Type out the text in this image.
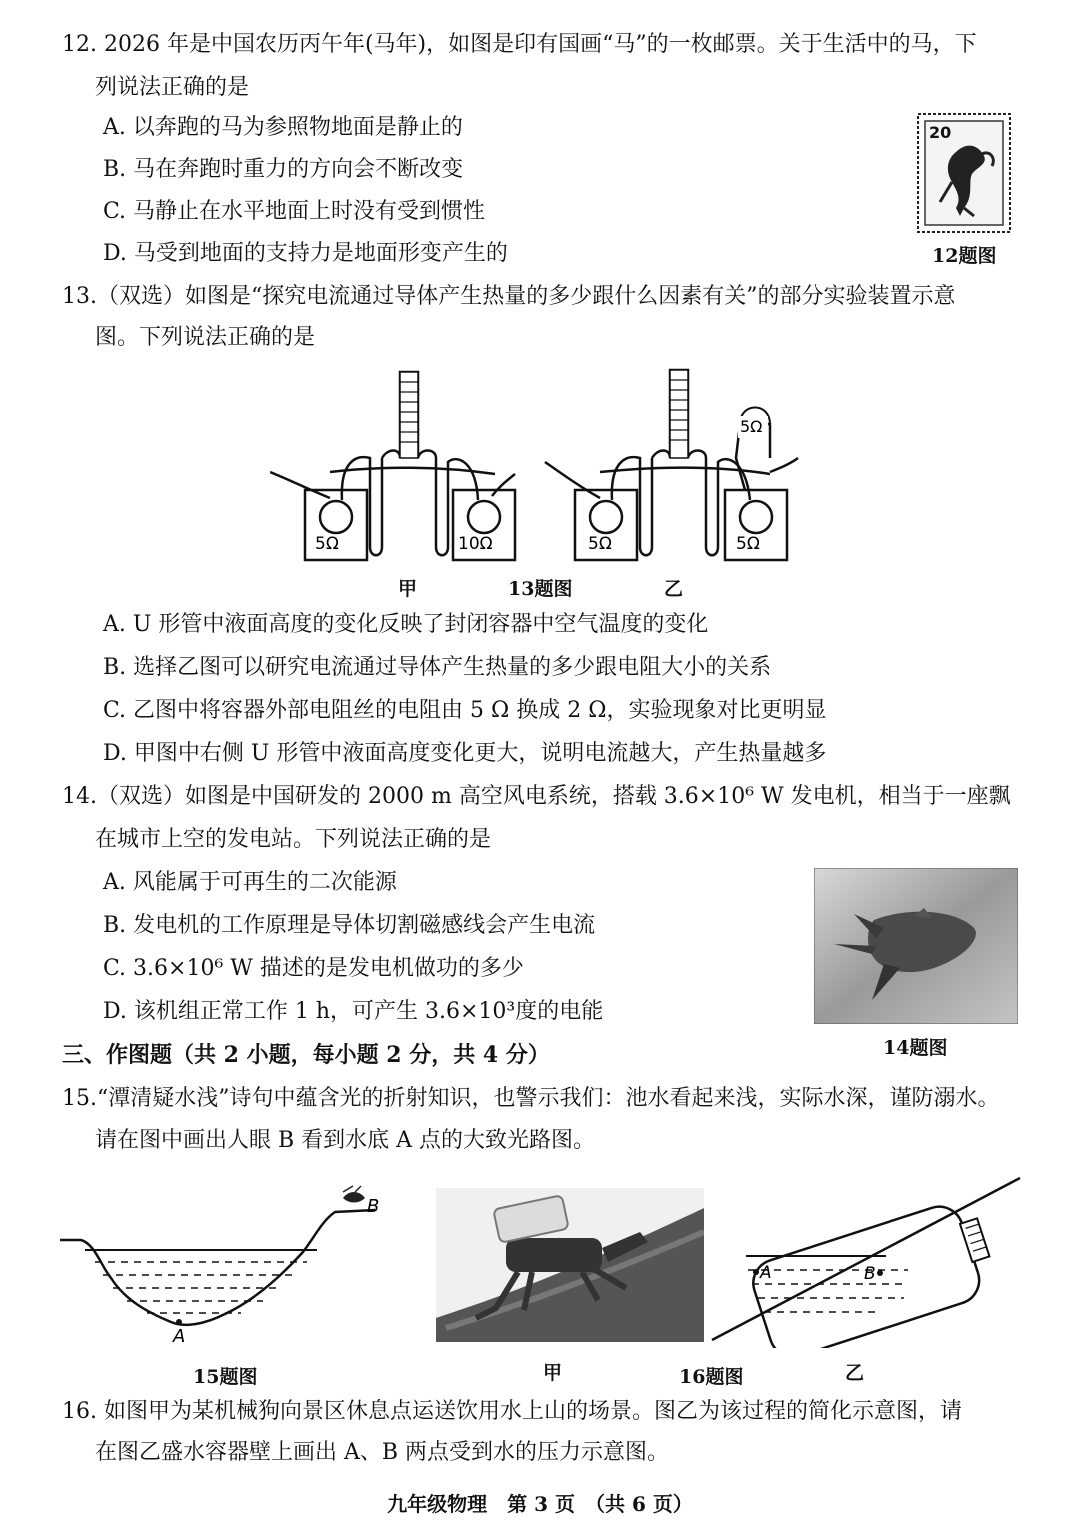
12. 2026 年是中国农历丙午年(马年)，如图是印有国画“马”的一枚邮票。关于生活中的马，下
列说法正确的是
A. 以奔跑的马为参照物地面是静止的
B. 马在奔跑时重力的方向会不断改变
C. 马静止在水平地面上时没有受到惯性
D. 马受到地面的支持力是地面形变产生的
20
12题图
13.（双选）如图是“探究电流通过导体产生热量的多少跟什么因素有关”的部分实验装置示意
图。下列说法正确的是
5Ω	10Ω	5Ω	5Ω
5Ω
甲	13题图	乙
A. U 形管中液面高度的变化反映了封闭容器中空气温度的变化
B. 选择乙图可以研究电流通过导体产生热量的多少跟电阻大小的关系
C. 乙图中将容器外部电阻丝的电阻由 5 Ω 换成 2 Ω，实验现象对比更明显
D. 甲图中右侧 U 形管中液面高度变化更大，说明电流越大，产生热量越多
14.（双选）如图是中国研发的 2000 m 高空风电系统，搭载 3.6×10⁶ W 发电机，相当于一座飘
在城市上空的发电站。下列说法正确的是
A. 风能属于可再生的二次能源
B. 发电机的工作原理是导体切割磁感线会产生电流
C. 3.6×10⁶ W 描述的是发电机做功的多少
D. 该机组正常工作 1 h，可产生 3.6×10³度的电能
14题图
三、作图题（共 2 小题，每小题 2 分，共 4 分）
15.“潭清疑水浅”诗句中蕴含光的折射知识，也警示我们：池水看起来浅，实际水深，谨防溺水。
请在图中画出人眼 B 看到水底 A 点的大致光路图。
A
B
15题图	甲	16题图
A	B
乙
16. 如图甲为某机械狗向景区休息点运送饮用水上山的场景。图乙为该过程的简化示意图，请
在图乙盛水容器壁上画出 A、B 两点受到水的压力示意图。
九年级物理　第 3 页　（共 6 页）
